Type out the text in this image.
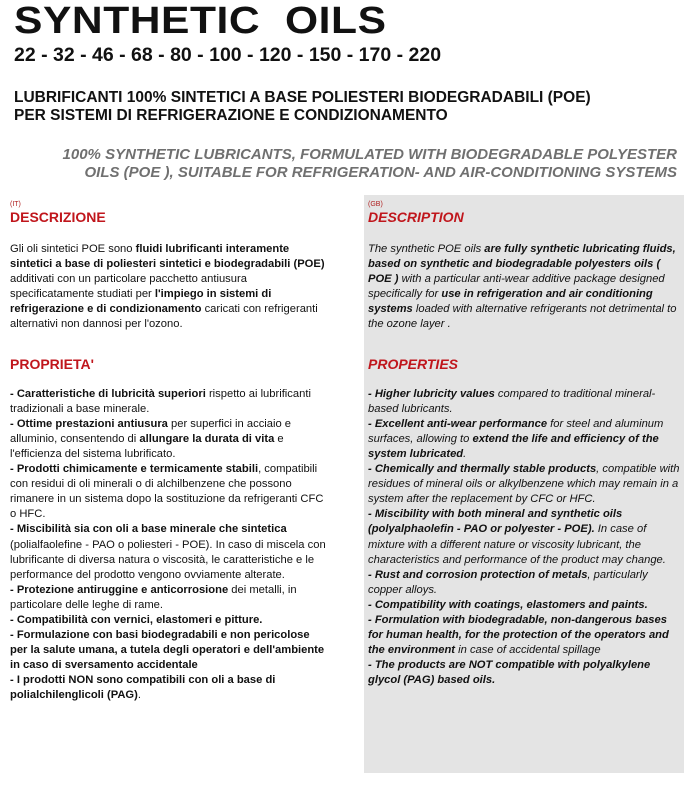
SYNTHETIC  OILS
22 - 32 - 46 - 68 - 80 - 100 - 120 - 150 - 170 - 220
LUBRIFICANTI 100% SINTETICI A BASE POLIESTERI BIODEGRADABILI (POE)
PER SISTEMI DI REFRIGERAZIONE E CONDIZIONAMENTO
100% SYNTHETIC LUBRICANTS, FORMULATED WITH BIODEGRADABLE POLYESTER
OILS (POE ), SUITABLE FOR REFRIGERATION- AND AIR-CONDITIONING SYSTEMS
(IT)
DESCRIZIONE
Gli oli sintetici POE sono fluidi lubrificanti interamente sintetici a base di poliesteri sintetici e biodegradabili (POE) additivati con un particolare pacchetto antiusura specificatamente studiati per l'impiego in sistemi di refrigerazione e di condizionamento caricati con refrigeranti alternativi non dannosi per l'ozono.
PROPRIETA'
- Caratteristiche di lubricità superiori rispetto ai lubrificanti tradizionali a base minerale.
- Ottime prestazioni antiusura per superfici in acciaio e alluminio, consentendo di allungare la durata di vita e l'efficienza del sistema lubrificato.
- Prodotti chimicamente e termicamente stabili, compatibili con residui di oli minerali o di alchilbenzene che possono rimanere in un sistema dopo la sostituzione da refrigeranti CFC o HFC.
- Miscibilità sia con oli a base minerale che sintetica (polialfaolefine - PAO o poliesteri - POE). In caso di miscela con lubrificante di diversa natura o viscosità, le caratteristiche e le performance del prodotto vengono ovviamente alterate.
- Protezione antiruggine e anticorrosione dei metalli, in particolare delle leghe di rame.
- Compatibilità con vernici, elastomeri e pitture.
- Formulazione con basi biodegradabili e non pericolose per la salute umana, a tutela degli operatori e dell'ambiente in caso di sversamento accidentale
- I prodotti NON sono compatibili con oli a base di polialchilenglicoli (PAG).
(GB)
DESCRIPTION
The synthetic POE oils are fully synthetic lubricating fluids, based on synthetic and biodegradable polyesters oils ( POE ) with a particular anti-wear additive package designed specifically for use in refrigeration and air conditioning systems loaded with alternative refrigerants not detrimental to the ozone layer .
PROPERTIES
- Higher lubricity values compared to traditional mineral-based lubricants.
- Excellent anti-wear performance for steel and aluminum surfaces, allowing to extend the life and efficiency of the system lubricated.
- Chemically and thermally stable products, compatible with residues of mineral oils or alkylbenzene which may remain in a system after the replacement by CFC or HFC.
- Miscibility with both mineral and synthetic oils (polyalphaolefin - PAO or polyester - POE). In case of mixture with a different nature or viscosity lubricant, the characteristics and performance of the product may change.
- Rust and corrosion protection of metals, particularly copper alloys.
- Compatibility with coatings, elastomers and paints.
- Formulation with biodegradable, non-dangerous bases for human health, for the protection of the operators and the environment in case of accidental spillage
- The products are NOT compatible with polyalkylene glycol (PAG) based oils.
